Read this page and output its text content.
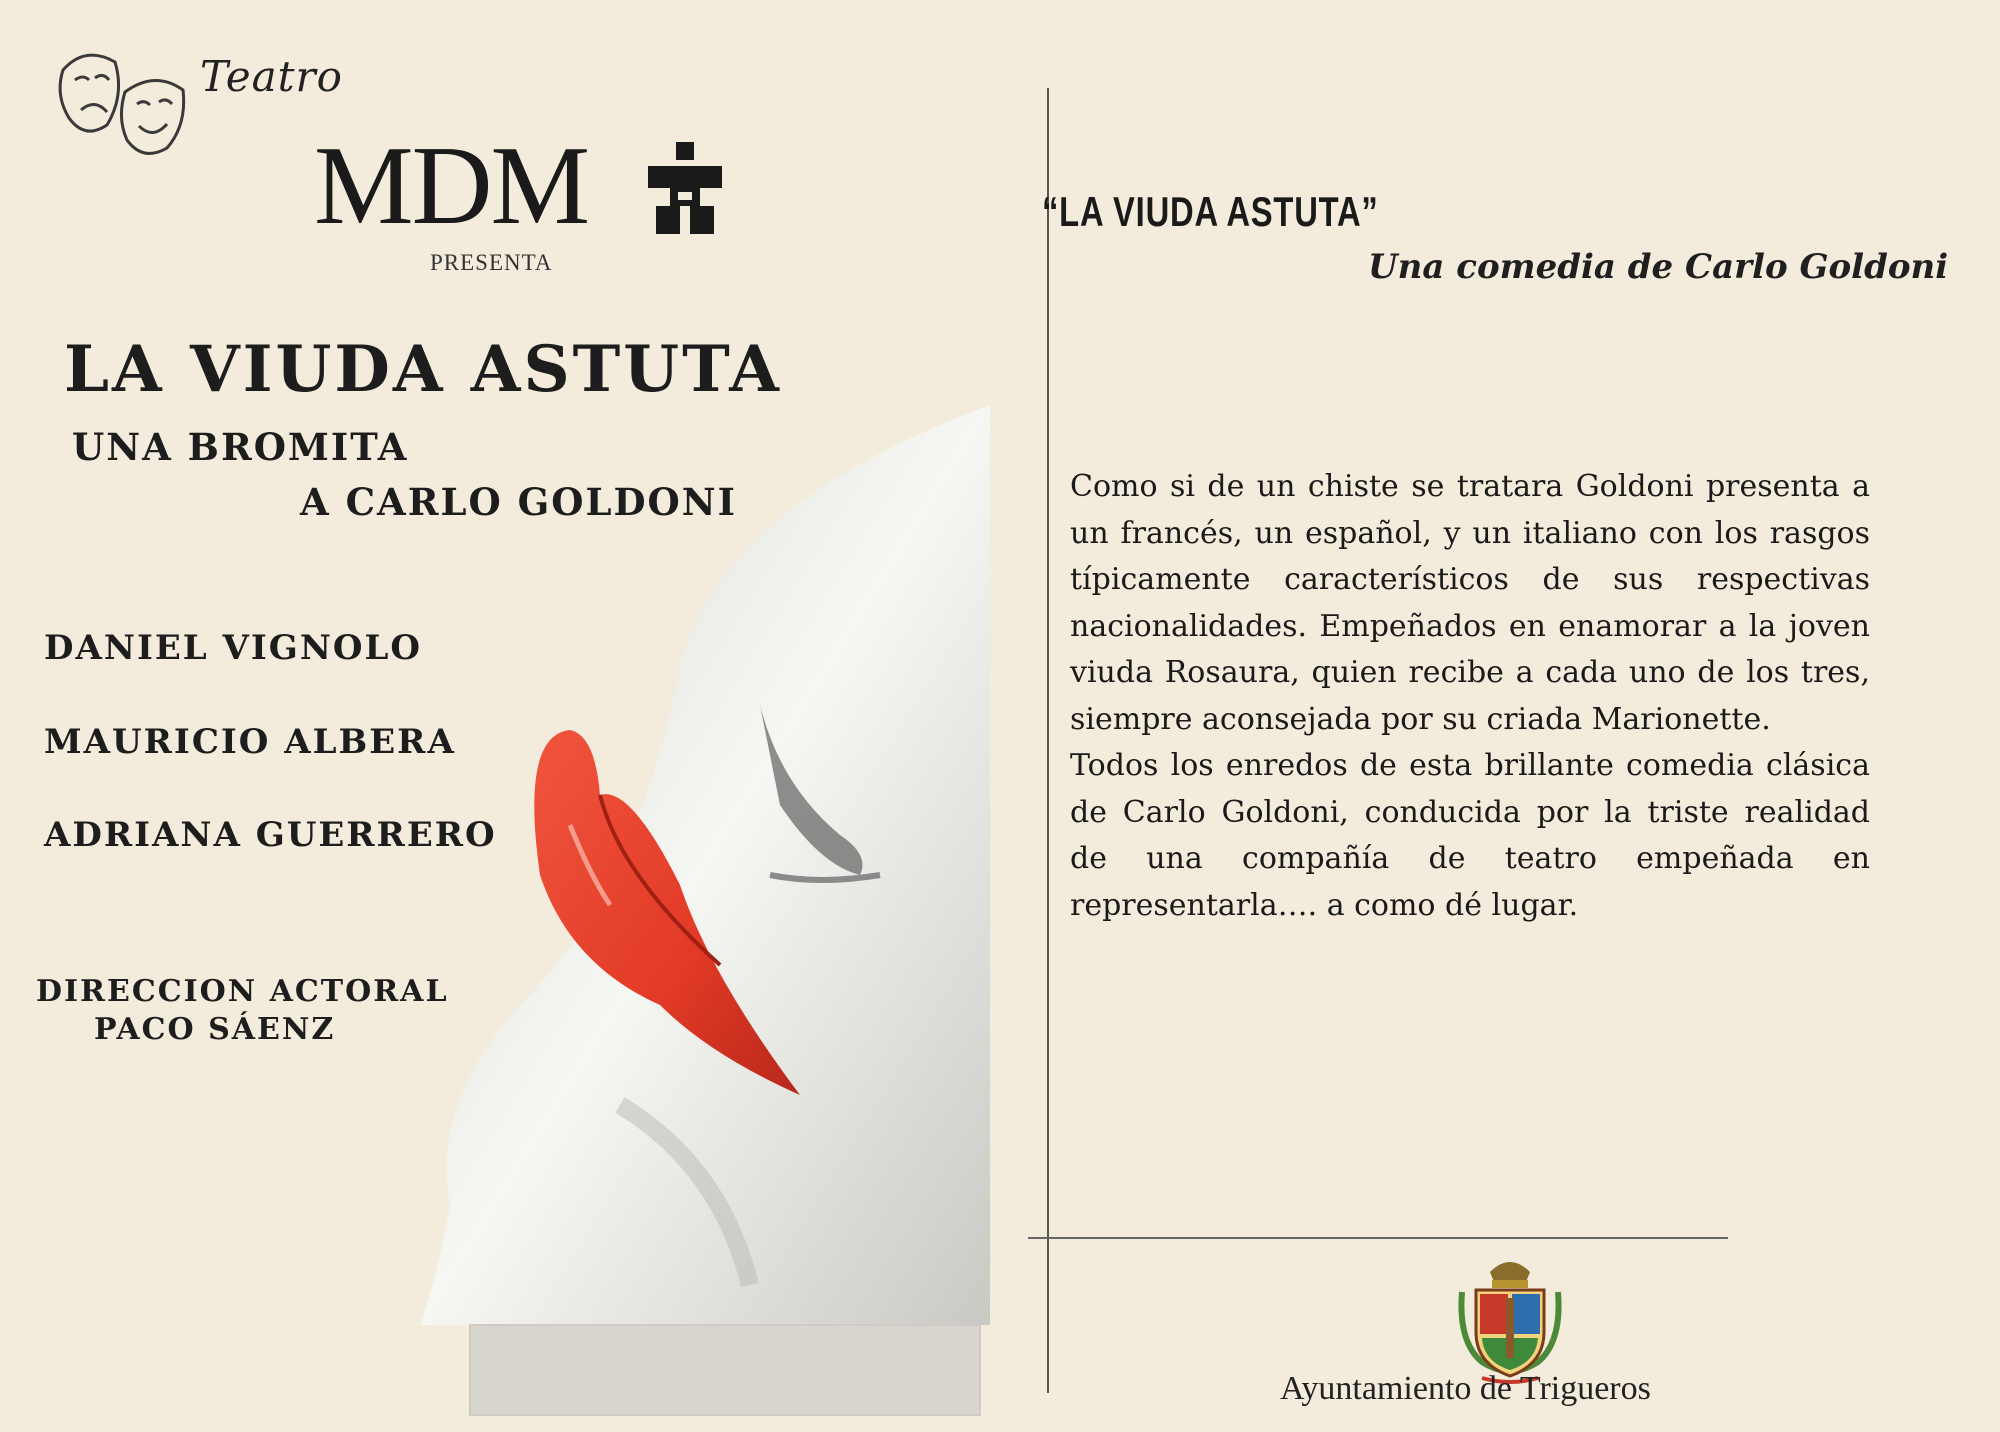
Teatro
MDM
PRESENTA
LA VIUDA ASTUTA
UNA BROMITA
A CARLO GOLDONI
DANIEL VIGNOLO
MAURICIO ALBERA
ADRIANA GUERRERO
DIRECCION ACTORAL
PACO SÁENZ
“LA VIUDA ASTUTA”
Una comedia de Carlo Goldoni

Como si de un chiste se tratara Goldoni presenta a un francés, un español, y un italiano con los rasgos típicamente característicos de sus respectivas nacionalidades. Empeñados en enamorar a la joven viuda Rosaura, quien recibe a cada uno de los tres, siempre aconsejada por su criada Marionette.

Todos los enredos de esta brillante comedia clásica de Carlo Goldoni, conducida por la triste realidad de una compañía de teatro empeñada en representarla…. a como dé lugar.

Ayuntamiento de Trigueros
